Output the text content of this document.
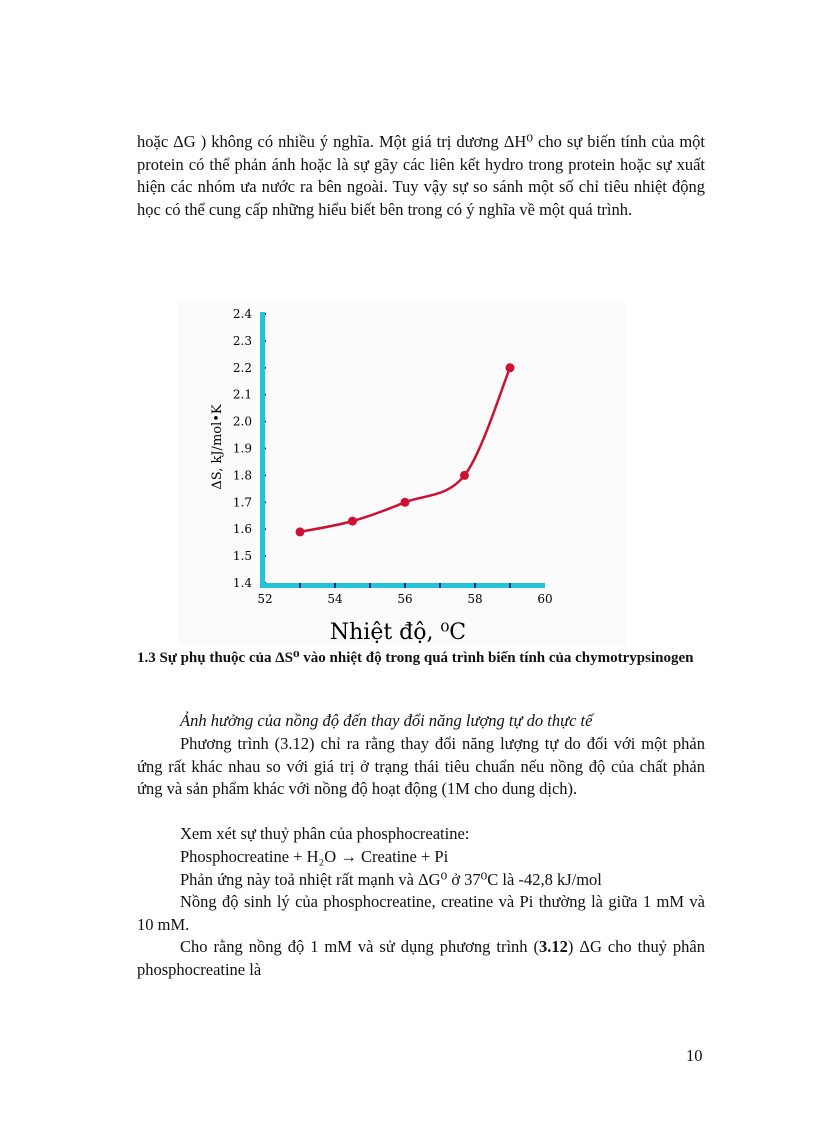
hoặc ΔG ) không có nhiều ý nghĩa. Một giá trị dương ΔH⁰ cho sự biến tính của một protein có thể phản ánh hoặc là sự gãy các liên kết hydro trong protein hoặc sự xuất hiện các nhóm ưa nước ra bên ngoài. Tuy vậy sự so sánh một số chỉ tiêu nhiệt động học có thể cung cấp những hiểu biết bên trong có ý nghĩa về một quá trình.

1.4
1.5
1.6
1.7
1.8
1.9
2.0
2.1
2.2
2.3
2.4
52	54	56	58	60
ΔS, kJ/mol•K
Nhiệt độ, ⁰C

1.3 Sự phụ thuộc của ΔS⁰ vào nhiệt độ trong quá trình biến tính của chymotrypsinogen

Ảnh hưởng của nồng độ đến thay đổi năng lượng tự do thực tế

Phương trình (3.12) chỉ ra rằng thay đổi năng lượng tự do đối với một phản ứng rất khác nhau so với giá trị ở trạng thái tiêu chuẩn nếu nồng độ của chất phản ứng và sản phẩm khác với nồng độ hoạt động (1M cho dung dịch).

Xem xét sự thuỷ phân của phosphocreatine:

Phosphocreatine + H₂O → Creatine + Pi

Phản ứng này toả nhiệt rất mạnh và ΔG⁰ ở 37⁰C là -42,8 kJ/mol

Nồng độ sinh lý của phosphocreatine, creatine và Pi thường là giữa 1 mM và 10 mM.

Cho rằng nồng độ 1 mM và sử dụng phương trình (3.12) ΔG cho thuỷ phân phosphocreatine là

10
